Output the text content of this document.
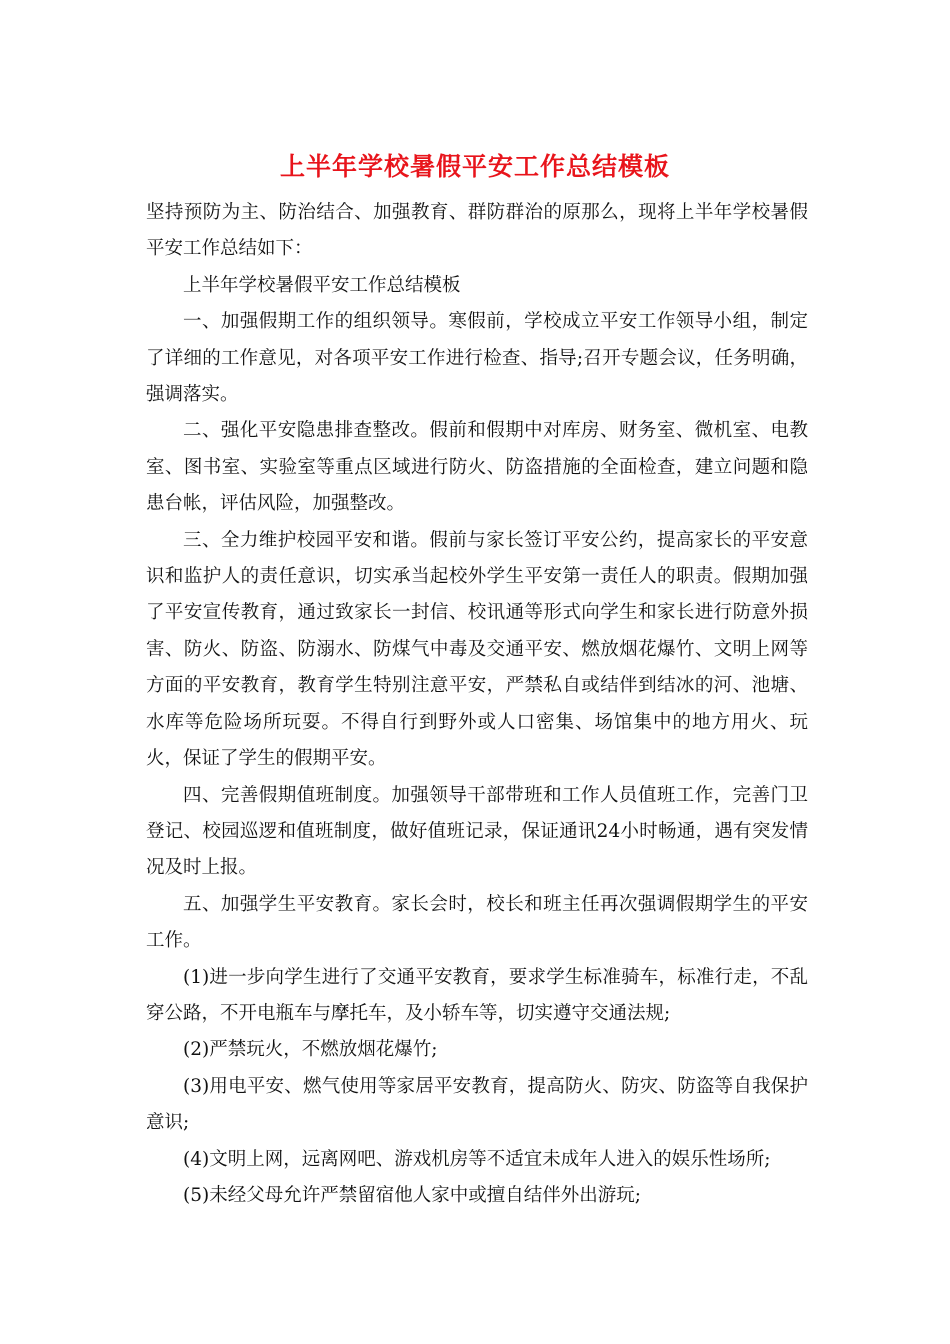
上半年学校暑假平安工作总结模板

坚持预防为主、防治结合、加强教育、群防群治的原那么，现将上半年学校暑假平安工作总结如下：

上半年学校暑假平安工作总结模板

一、加强假期工作的组织领导。寒假前，学校成立平安工作领导小组，制定了详细的工作意见，对各项平安工作进行检查、指导;召开专题会议，任务明确，强调落实。

二、强化平安隐患排查整改。假前和假期中对库房、财务室、微机室、电教室、图书室、实验室等重点区域进行防火、防盗措施的全面检查，建立问题和隐患台帐，评估风险，加强整改。

三、全力维护校园平安和谐。假前与家长签订平安公约，提高家长的平安意识和监护人的责任意识，切实承当起校外学生平安第一责任人的职责。假期加强了平安宣传教育，通过致家长一封信、校讯通等形式向学生和家长进行防意外损害、防火、防盗、防溺水、防煤气中毒及交通平安、燃放烟花爆竹、文明上网等方面的平安教育，教育学生特别注意平安，严禁私自或结伴到结冰的河、池塘、水库等危险场所玩耍。不得自行到野外或人口密集、场馆集中的地方用火、玩火，保证了学生的假期平安。

四、完善假期值班制度。加强领导干部带班和工作人员值班工作，完善门卫登记、校园巡逻和值班制度，做好值班记录，保证通讯24小时畅通，遇有突发情况及时上报。

五、加强学生平安教育。家长会时，校长和班主任再次强调假期学生的平安工作。

(1)进一步向学生进行了交通平安教育，要求学生标准骑车，标准行走，不乱穿公路，不开电瓶车与摩托车，及小轿车等，切实遵守交通法规;

(2)严禁玩火，不燃放烟花爆竹;

(3)用电平安、燃气使用等家居平安教育，提高防火、防灾、防盗等自我保护意识;

(4)文明上网，远离网吧、游戏机房等不适宜未成年人进入的娱乐性场所;

(5)未经父母允许严禁留宿他人家中或擅自结伴外出游玩;
